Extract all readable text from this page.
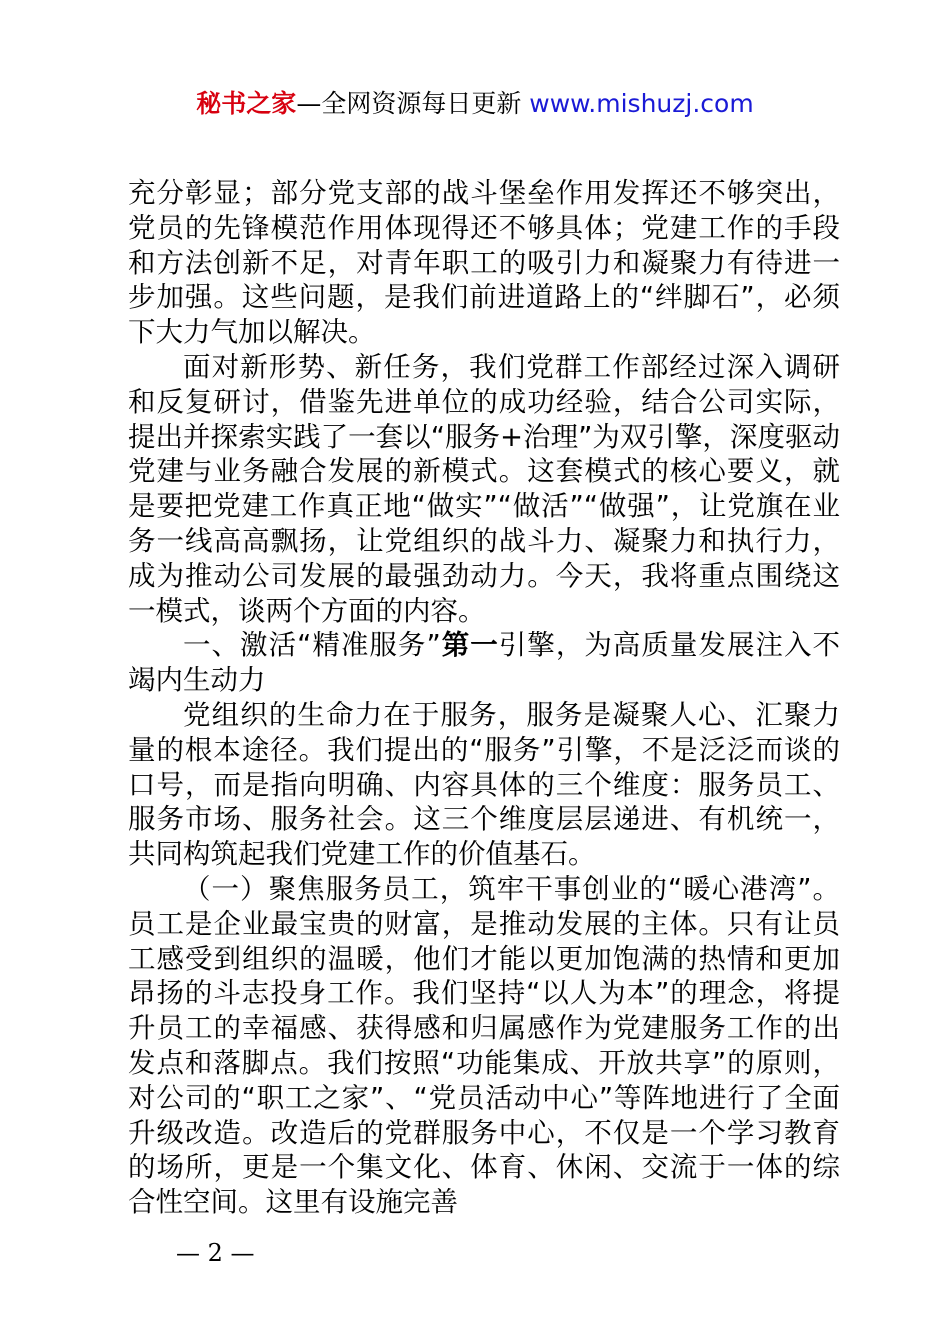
秘书之家—全网资源每日更新 www.mishuzj.com

充分彰显；部分党支部的战斗堡垒作用发挥还不够突出，党员的先锋模范作用体现得还不够具体；党建工作的手段和方法创新不足，对青年职工的吸引力和凝聚力有待进一步加强。这些问题，是我们前进道路上的“绊脚石”，必须下大力气加以解决。

面对新形势、新任务，我们党群工作部经过深入调研和反复研讨，借鉴先进单位的成功经验，结合公司实际，提出并探索实践了一套以“服务+治理”为双引擎，深度驱动党建与业务融合发展的新模式。这套模式的核心要义，就是要把党建工作真正地“做实”“做活”“做强”，让党旗在业务一线高高飘扬，让党组织的战斗力、凝聚力和执行力，成为推动公司发展的最强劲动力。今天，我将重点围绕这一模式，谈两个方面的内容。

一、激活“精准服务”第一引擎，为高质量发展注入不竭内生动力

党组织的生命力在于服务，服务是凝聚人心、汇聚力量的根本途径。我们提出的“服务”引擎，不是泛泛而谈的口号，而是指向明确、内容具体的三个维度：服务员工、服务市场、服务社会。这三个维度层层递进、有机统一，共同构筑起我们党建工作的价值基石。

（一）聚焦服务员工，筑牢干事创业的“暖心港湾”。员工是企业最宝贵的财富，是推动发展的主体。只有让员工感受到组织的温暖，他们才能以更加饱满的热情和更加昂扬的斗志投身工作。我们坚持“以人为本”的理念，将提升员工的幸福感、获得感和归属感作为党建服务工作的出发点和落脚点。我们按照“功能集成、开放共享”的原则，对公司的“职工之家”、“党员活动中心”等阵地进行了全面升级改造。改造后的党群服务中心，不仅是一个学习教育的场所，更是一个集文化、体育、休闲、交流于一体的综合性空间。这里有设施完善

— 2 —
